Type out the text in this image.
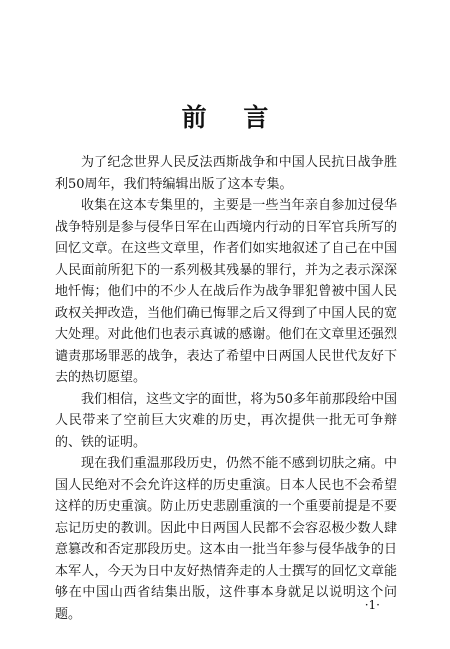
前 言

为了纪念世界人民反法西斯战争和中国人民抗日战争胜利50周年，我们特编辑出版了这本专集。

收集在这本专集里的，主要是一些当年亲自参加过侵华战争特别是参与侵华日军在山西境内行动的日军官兵所写的回忆文章。在这些文章里，作者们如实地叙述了自己在中国人民面前所犯下的一系列极其残暴的罪行，并为之表示深深地忏悔；他们中的不少人在战后作为战争罪犯曾被中国人民政权关押改造，当他们确已悔罪之后又得到了中国人民的宽大处理。对此他们也表示真诚的感谢。他们在文章里还强烈谴责那场罪恶的战争，表达了希望中日两国人民世代友好下去的热切愿望。

我们相信，这些文字的面世，将为50多年前那段给中国人民带来了空前巨大灾难的历史，再次提供一批无可争辩的、铁的证明。

现在我们重温那段历史，仍然不能不感到切肤之痛。中国人民绝对不会允许这样的历史重演。日本人民也不会希望这样的历史重演。防止历史悲剧重演的一个重要前提是不要忘记历史的教训。因此中日两国人民都不会容忍极少数人肆意篡改和否定那段历史。这本由一批当年参与侵华战争的日本军人，今天为日中友好热情奔走的人士撰写的回忆文章能够在中国山西省结集出版，这件事本身就足以说明这个问题。

·1·
